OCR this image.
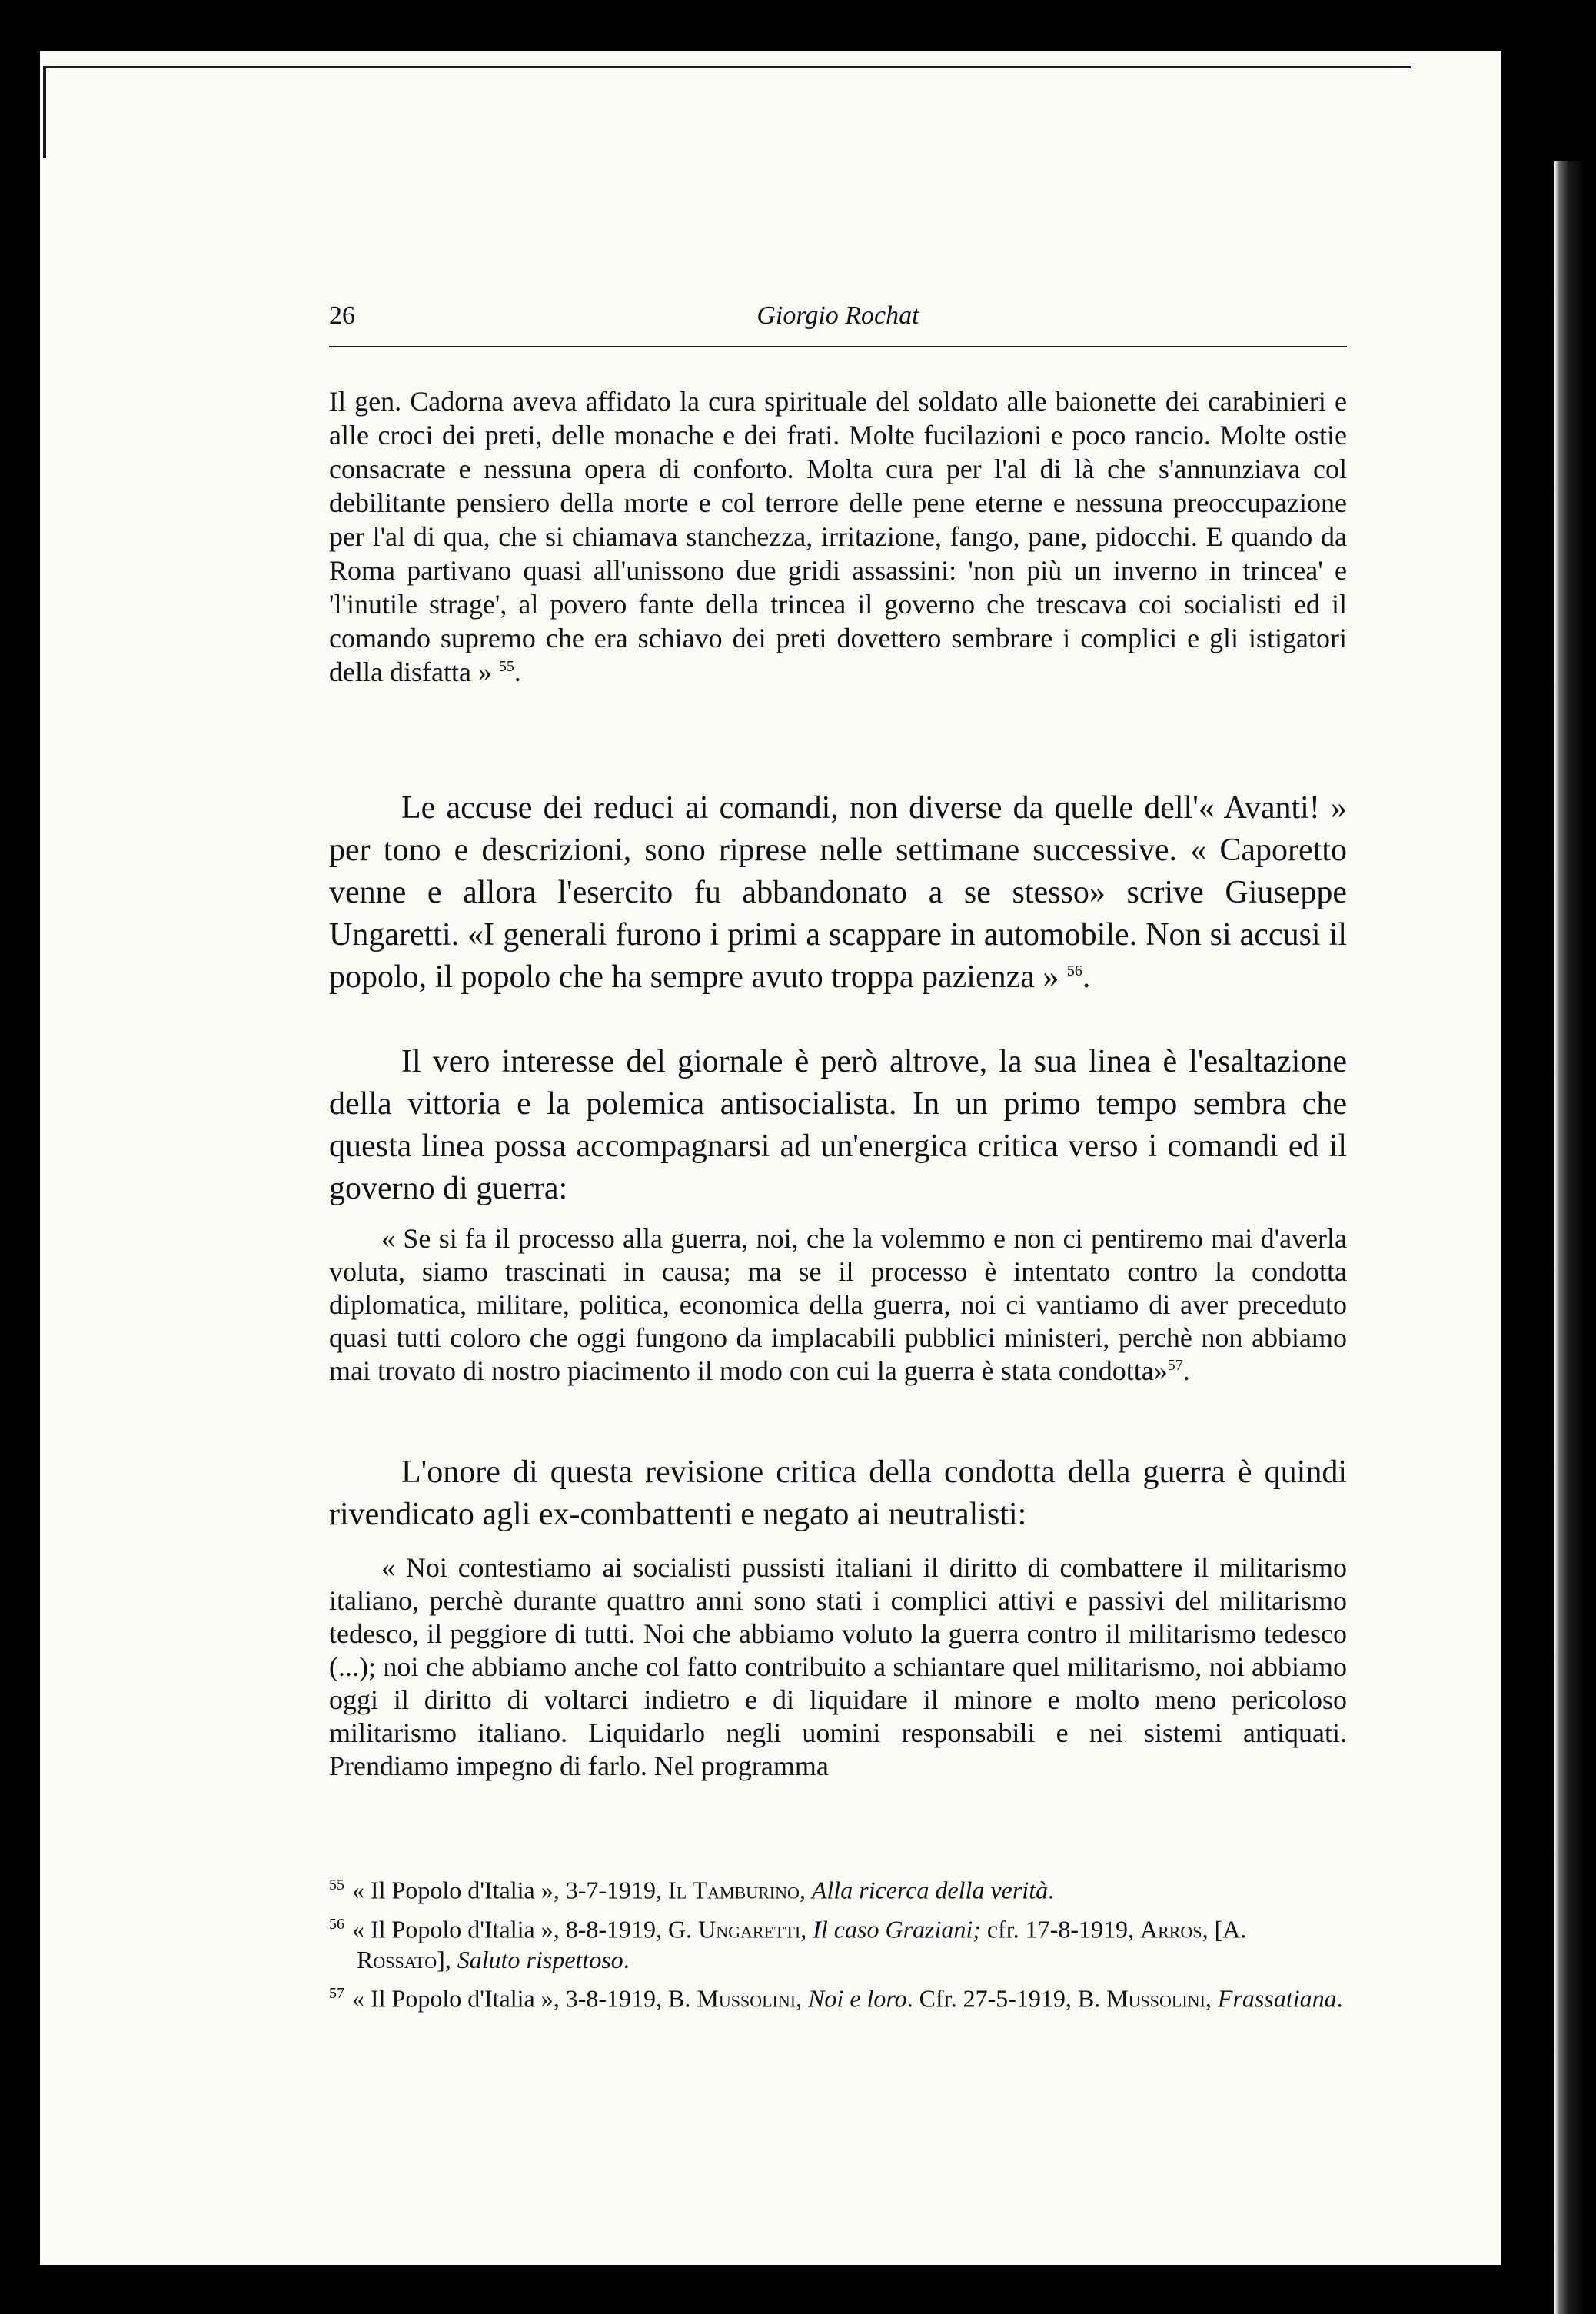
26	Giorgio Rochat

Il gen. Cadorna aveva affidato la cura spirituale del soldato alle baionette dei carabinieri e alle croci dei preti, delle monache e dei frati. Molte fucilazioni e poco rancio. Molte ostie consacrate e nessuna opera di conforto. Molta cura per l'al di là che s'annunziava col debilitante pensiero della morte e col terrore delle pene eterne e nessuna preoccupazione per l'al di qua, che si chiamava stanchezza, irritazione, fango, pane, pidocchi. E quando da Roma partivano quasi all'unissono due gridi assassini: 'non più un inverno in trincea' e 'l'inutile strage', al povero fante della trincea il governo che trescava coi socialisti ed il comando supremo che era schiavo dei preti dovettero sembrare i complici e gli istigatori della disfatta » $^{55}$.

Le accuse dei reduci ai comandi, non diverse da quelle dell'« Avanti! » per tono e descrizioni, sono riprese nelle settimane successive. « Caporetto venne e allora l'esercito fu abbandonato a se stesso» scrive Giuseppe Ungaretti. «I generali furono i primi a scappare in automobile. Non si accusi il popolo, il popolo che ha sempre avuto troppa pazienza » $^{56}$.

Il vero interesse del giornale è però altrove, la sua linea è l'esaltazione della vittoria e la polemica antisocialista. In un primo tempo sembra che questa linea possa accompagnarsi ad un'energica critica verso i comandi ed il governo di guerra:

« Se si fa il processo alla guerra, noi, che la volemmo e non ci pentiremo mai d'averla voluta, siamo trascinati in causa; ma se il processo è intentato contro la condotta diplomatica, militare, politica, economica della guerra, noi ci vantiamo di aver preceduto quasi tutti coloro che oggi fungono da implacabili pubblici ministeri, perchè non abbiamo mai trovato di nostro piacimento il modo con cui la guerra è stata condotta»$^{57}$.

L'onore di questa revisione critica della condotta della guerra è quindi rivendicato agli ex-combattenti e negato ai neutralisti:

« Noi contestiamo ai socialisti pussisti italiani il diritto di combattere il militarismo italiano, perchè durante quattro anni sono stati i complici attivi e passivi del militarismo tedesco, il peggiore di tutti. Noi che abbiamo voluto la guerra contro il militarismo tedesco (...); noi che abbiamo anche col fatto contribuito a schiantare quel militarismo, noi abbiamo oggi il diritto di voltarci indietro e di liquidare il minore e molto meno pericoloso militarismo italiano. Liquidarlo negli uomini responsabili e nei sistemi antiquati. Prendiamo impegno di farlo. Nel programma

$^{55}$ « Il Popolo d'Italia », 3-7-1919, Il Tamburino, Alla ricerca della verità.

$^{56}$ « Il Popolo d'Italia », 8-8-1919, G. Ungaretti, Il caso Graziani; cfr. 17-8-1919, Arros, [A. Rossato], Saluto rispettoso.

$^{57}$ « Il Popolo d'Italia », 3-8-1919, B. Mussolini, Noi e loro. Cfr. 27-5-1919, B. Mussolini, Frassatiana.
